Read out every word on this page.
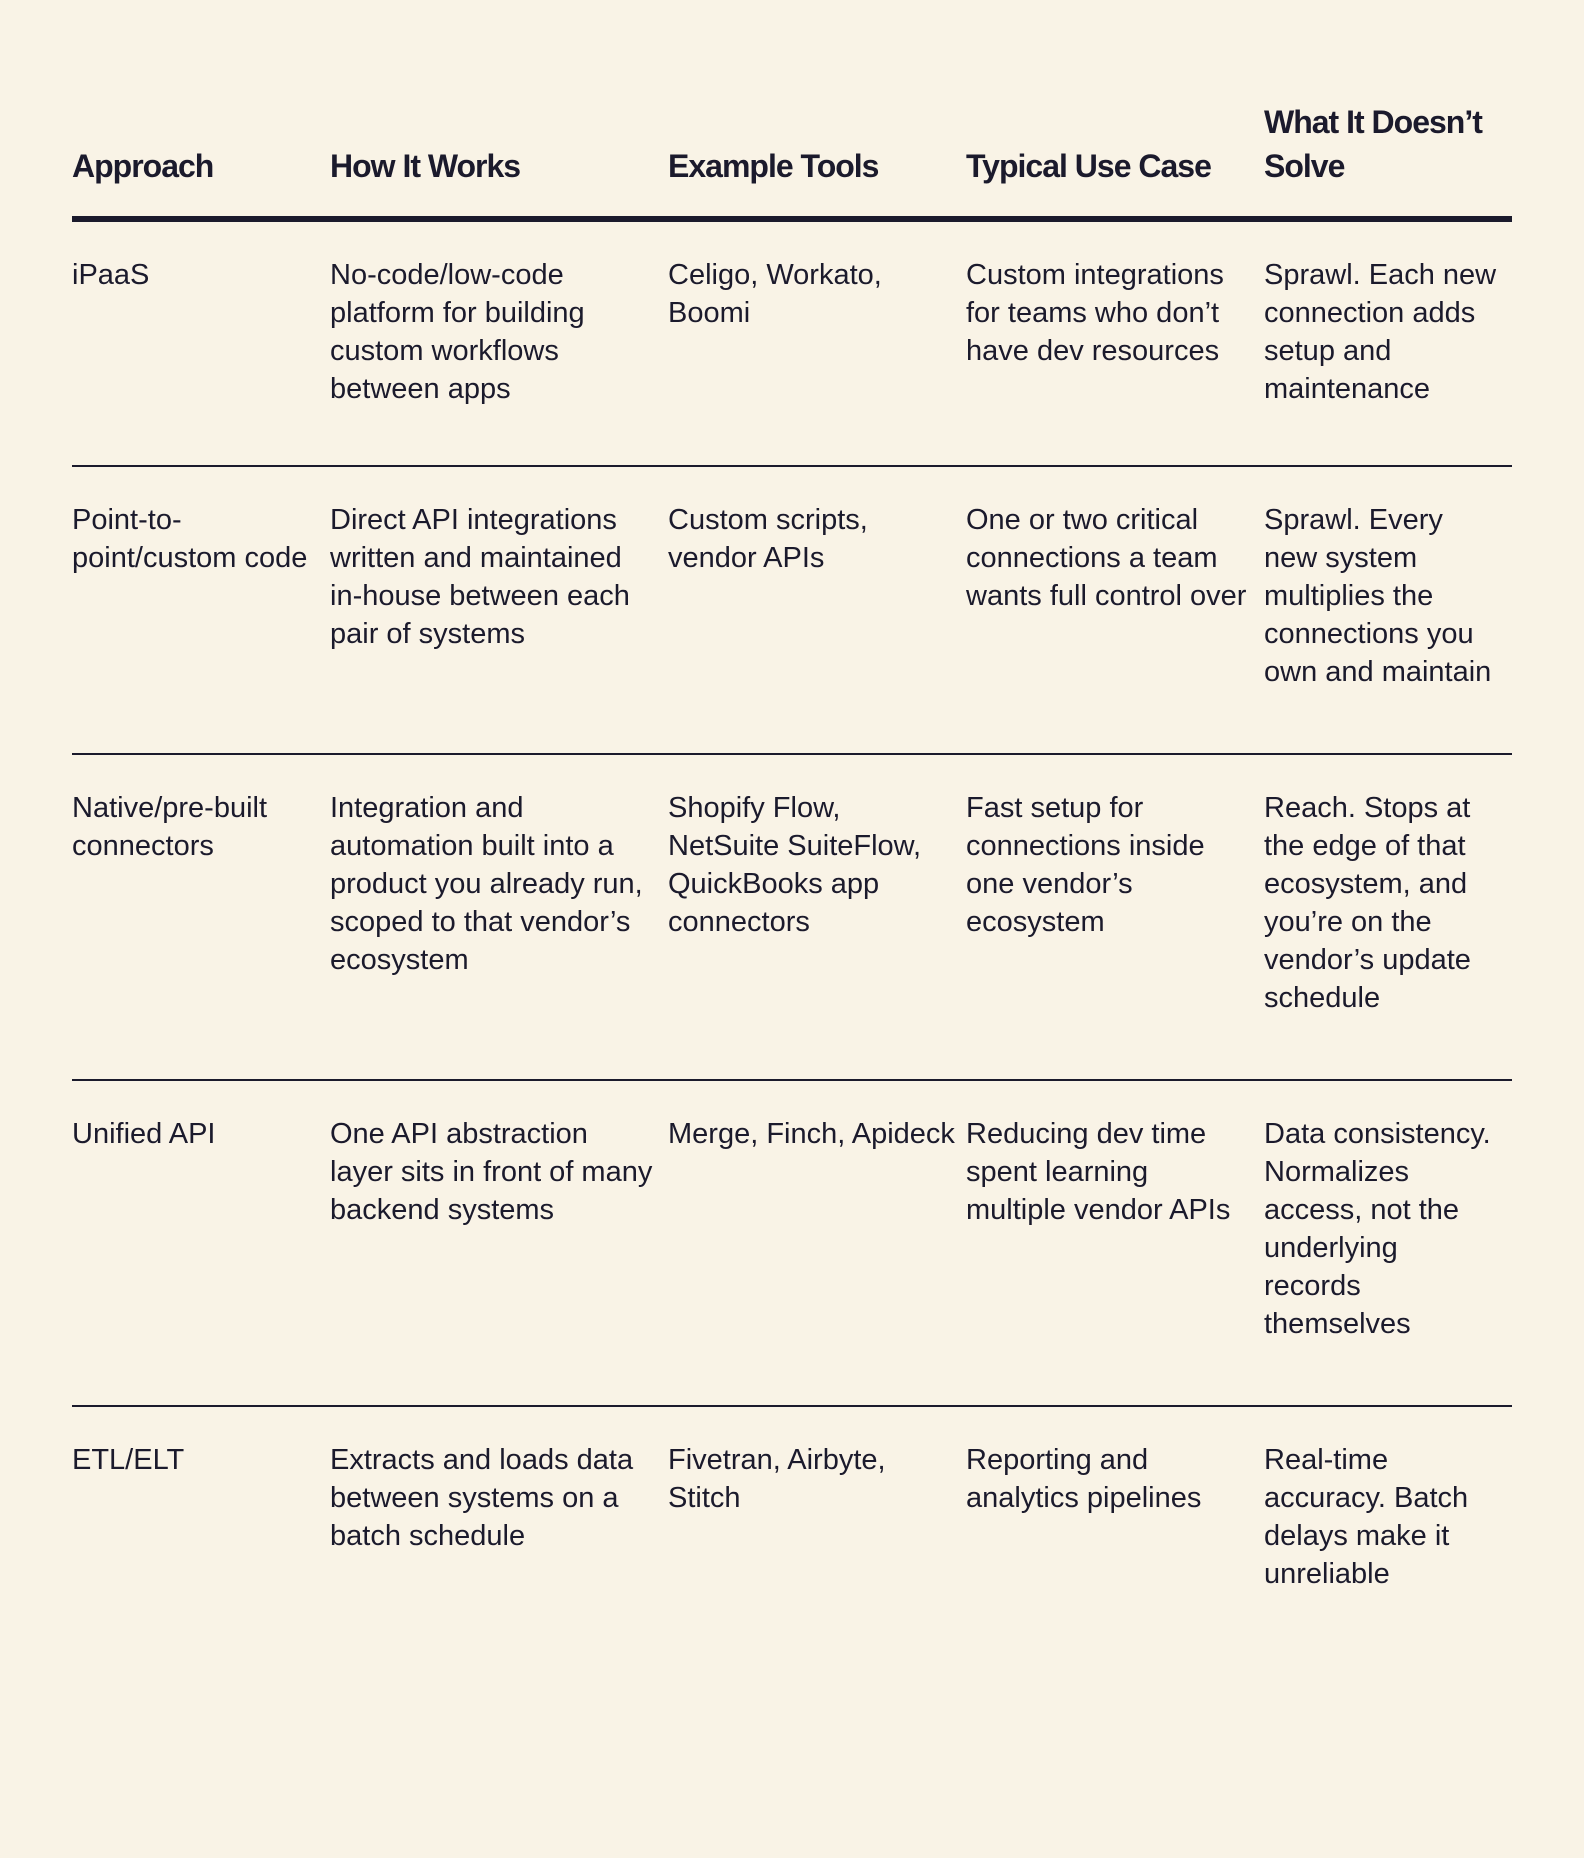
Approach	How It Works	Example Tools	Typical Use Case	What It Doesn’t Solve
iPaaS	No-code/low-code platform for building custom workflows between apps	Celigo, Workato, Boomi	Custom integrations for teams who don’t have dev resources	Sprawl. Each new connection adds setup and maintenance
Point-to-point/custom code	Direct API integrations written and maintained in-house between each pair of systems	Custom scripts, vendor APIs	One or two critical connections a team wants full control over	Sprawl. Every new system multiplies the connections you own and maintain
Native/pre-built connectors	Integration and automation built into a product you already run, scoped to that vendor’s ecosystem	Shopify Flow, NetSuite SuiteFlow, QuickBooks app connectors	Fast setup for connections inside one vendor’s ecosystem	Reach. Stops at the edge of that ecosystem, and you’re on the vendor’s update schedule
Unified API	One API abstraction layer sits in front of many backend systems	Merge, Finch, Apideck	Reducing dev time spent learning multiple vendor APIs	Data consistency. Normalizes access, not the underlying records themselves
ETL/ELT	Extracts and loads data between systems on a batch schedule	Fivetran, Airbyte, Stitch	Reporting and analytics pipelines	Real-time accuracy. Batch delays make it unreliable
